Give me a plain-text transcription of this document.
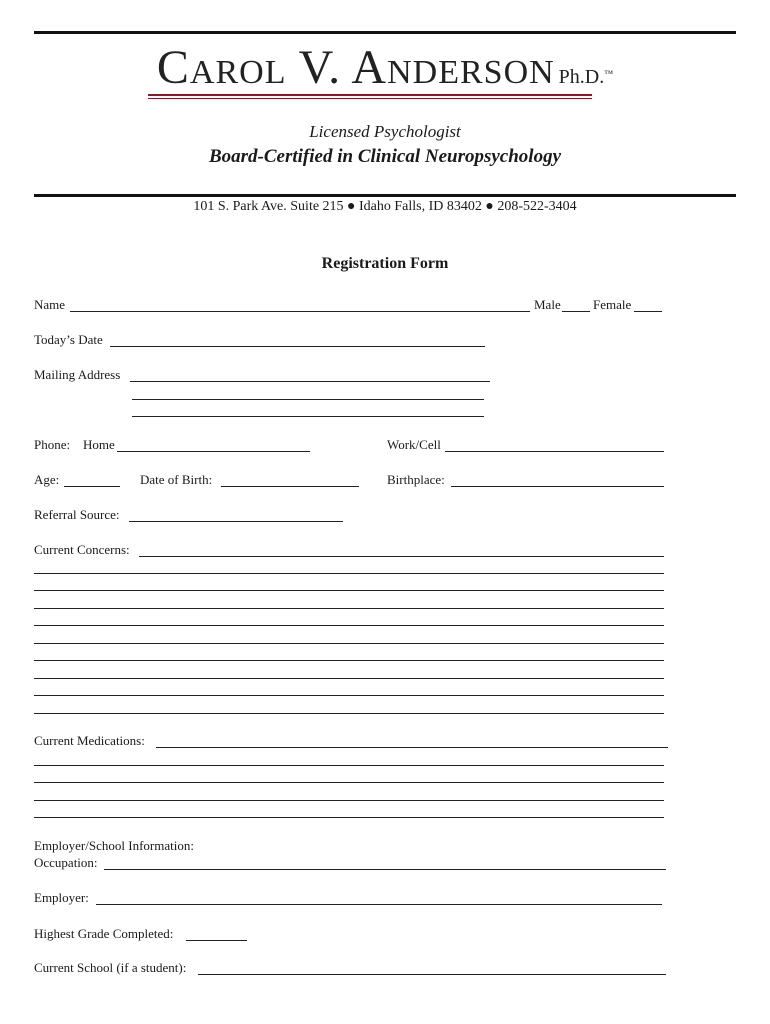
Carol V. Anderson Ph.D.™
Licensed Psychologist
Board-Certified in Clinical Neuropsychology
101 S. Park Ave. Suite 215 ● Idaho Falls, ID 83402 ● 208-522-3404
Registration Form
Name	Male Female
Today’s Date
Mailing Address
Phone: Home	Work/Cell
Age:	Date of Birth:	Birthplace:
Referral Source:
Current Concerns:
Current Medications:
Employer/School Information:
Occupation:
Employer:
Highest Grade Completed:
Current School (if a student):
